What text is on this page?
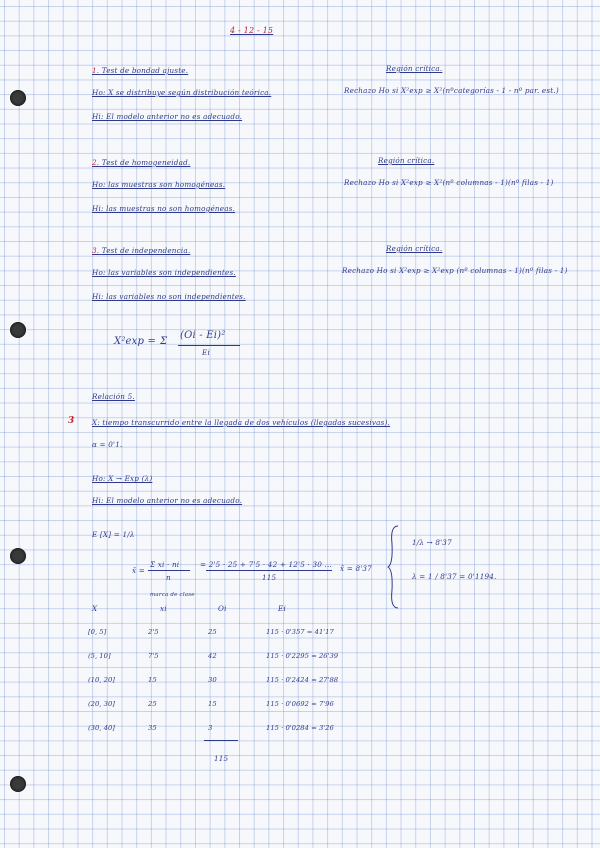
4 - 12 - 15
1. Test de bondad ajuste.
Ho: X se distribuye según distribución teórica.
Hi: El modelo anterior no es adecuado.
Región crítica.
Rechazo Ho si X²exp ≥ X²(nºcategorías - 1 - nº par. est.)
2. Test de homogeneidad.
Ho: las muestras son homogéneas.
Hi: las muestras no son homogéneas.
Región crítica.
Rechazo Ho si X²exp ≥ X²(nº columnas - 1)(nº filas - 1)
3. Test de independencia.
Ho: las variables son independientes.
Hi: las variables no son independientes.
Región crítica.
Rechazo Ho si X²exp ≥ X²exp (nº columnas - 1)(nº filas - 1)
X²exp = Σ
(Oi - Ei)²
Ei
Relación 5.
3 X: tiempo transcurrido entre la llegada de dos vehículos (llegadas sucesivas).
α = 0'1.
Ho: X → Exp (λ)
Hi: El modelo anterior no es adecuado.
E [X] = 1/λ
x̄ =
Σ xi · ni
n
= 2'5 · 25 + 7'5 · 42 + 12'5 · 30 ...
115
x̄ = 8'37
1/λ → 8'37
λ = 1 / 8'37 = 0'1194.
X	xi	Oi	Ei
marca de clase
[0, 5]	2'5	25	115 · 0'357 = 41'17
(5, 10]	7'5	42	115 · 0'2295 = 26'39
(10, 20]	15	30	115 · 0'2424 = 27'88
(20, 30]	25	15	115 · 0'0692 = 7'96
(30, 40]	35	3	115 · 0'0284 = 3'26
115
